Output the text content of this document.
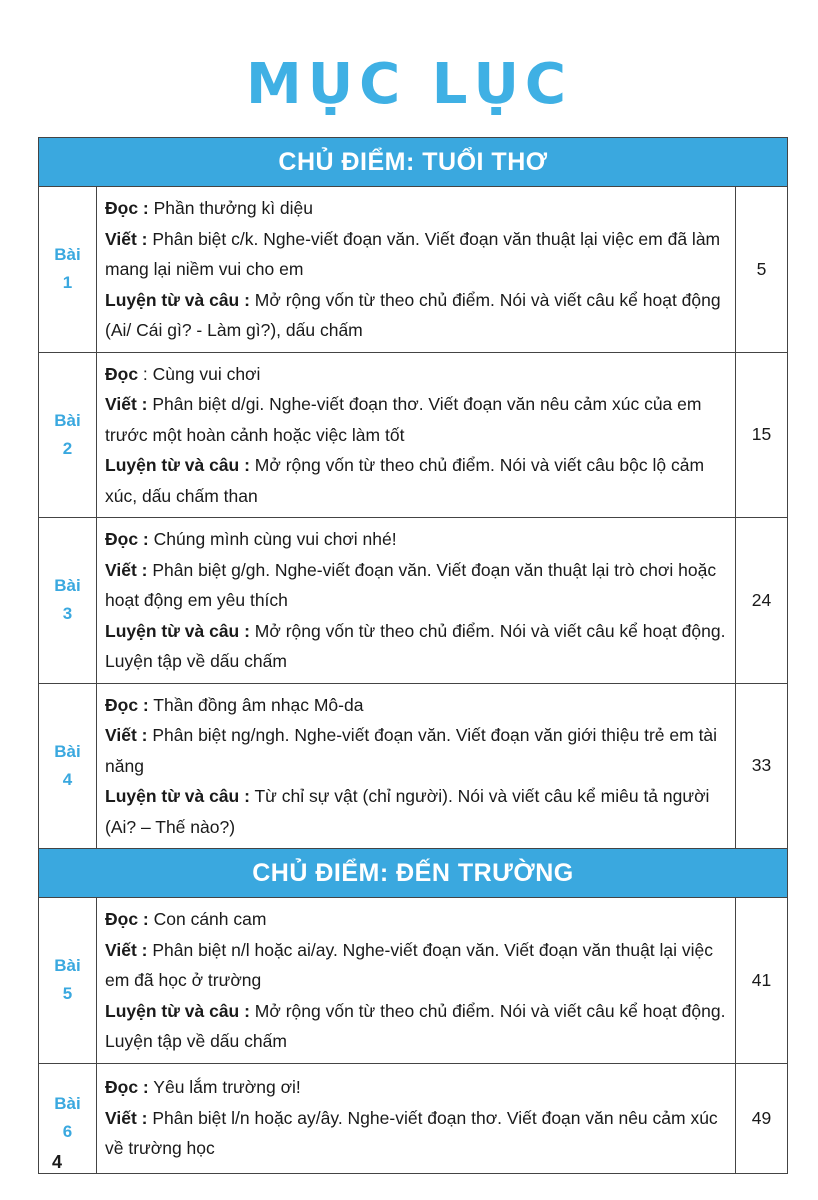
MỤC LỤC
CHỦ ĐIỂM: TUỔI THƠ		

Bài
1	Đọc : Phần thưởng kì diệu
Viết : Phân biệt c/k. Nghe-viết đoạn văn. Viết đoạn văn thuật lại việc em đã làm mang lại niềm vui cho em
Luyện từ và câu : Mở rộng vốn từ theo chủ điểm. Nói và viết câu kể hoạt động (Ai/ Cái gì? - Làm gì?), dấu chấm	5

Bài
2	Đọc : Cùng vui chơi
Viết : Phân biệt d/gi. Nghe-viết đoạn thơ. Viết đoạn văn nêu cảm xúc của em trước một hoàn cảnh hoặc việc làm tốt
Luyện từ và câu : Mở rộng vốn từ theo chủ điểm. Nói và viết câu bộc lộ cảm xúc, dấu chấm than	15

Bài
3	Đọc : Chúng mình cùng vui chơi nhé!
Viết : Phân biệt g/gh. Nghe-viết đoạn văn. Viết đoạn văn thuật lại trò chơi hoặc hoạt động em yêu thích
Luyện từ và câu : Mở rộng vốn từ theo chủ điểm. Nói và viết câu kể hoạt động. Luyện tập về dấu chấm	24

Bài
4	Đọc : Thần đồng âm nhạc Mô-da
Viết : Phân biệt ng/ngh. Nghe-viết đoạn văn. Viết đoạn văn giới thiệu trẻ em tài năng
Luyện từ và câu : Từ chỉ sự vật (chỉ người). Nói và viết câu kể miêu tả người (Ai? – Thế nào?)	33
CHỦ ĐIỂM: ĐẾN TRƯỜNG		

Bài
5	Đọc : Con cánh cam
Viết : Phân biệt n/l hoặc ai/ay. Nghe-viết đoạn văn. Viết đoạn văn thuật lại việc em đã học ở trường
Luyện từ và câu : Mở rộng vốn từ theo chủ điểm. Nói và viết câu kể hoạt động. Luyện tập về dấu chấm	41

Bài
6	Đọc : Yêu lắm trường ơi!
Viết : Phân biệt l/n hoặc ay/ây. Nghe-viết đoạn thơ. Viết đoạn văn nêu cảm xúc về trường học	49
4
